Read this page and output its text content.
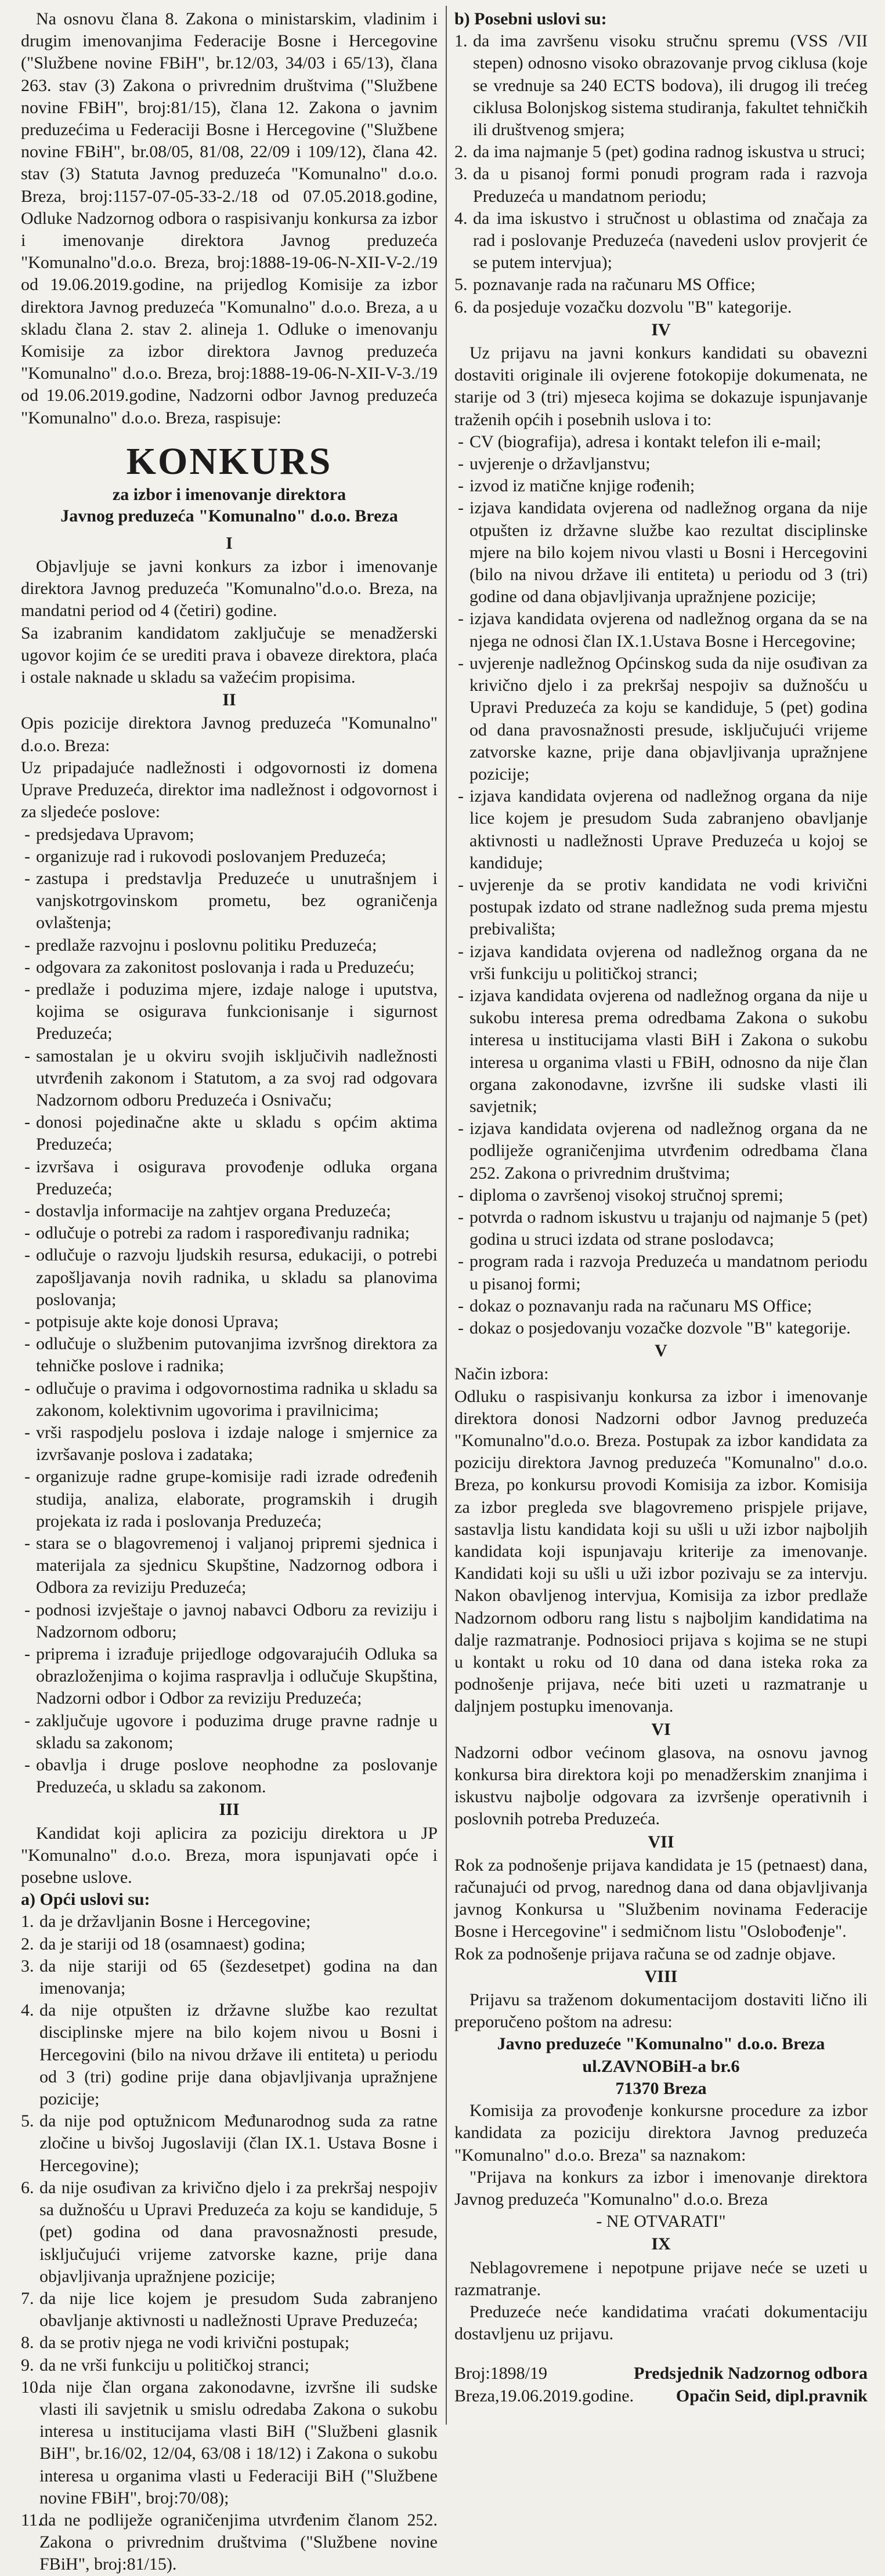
Na osnovu člana 8. Zakona o ministarskim, vladinim i drugim imenovanjima Federacije Bosne i Hercegovine ("Službene novine FBiH", br.12/03, 34/03 i 65/13), člana 263. stav (3) Zakona o privrednim društvima ("Službene novine FBiH", broj:81/15), člana 12. Zakona o javnim preduzećima u Federaciji Bosne i Hercegovine ("Službene novine FBiH", br.08/05, 81/08, 22/09 i 109/12), člana 42. stav (3) Statuta Javnog preduzeća "Komunalno" d.o.o. Breza, broj:1157-07-05-33-2./18 od 07.05.2018.godine, Odluke Nadzornog odbora o raspisivanju konkursa za izbor i imenovanje direktora Javnog preduzeća "Komunalno"d.o.o. Breza, broj:1888-19-06-N-XII-V-2./19 od 19.06.2019.godine, na prijedlog Komisije za izbor direktora Javnog preduzeća "Komunalno" d.o.o. Breza, a u skladu člana 2. stav 2. alineja 1. Odluke o imenovanju Komisije za izbor direktora Javnog preduzeća "Komunalno" d.o.o. Breza, broj:1888-19-06-N-XII-V-3./19 od 19.06.2019.godine, Nadzorni odbor Javnog preduzeća "Komunalno" d.o.o. Breza, raspisuje:

KONKURS
za izbor i imenovanje direktora
Javnog preduzeća "Komunalno" d.o.o. Breza
I

Objavljuje se javni konkurs za izbor i imenovanje direktora Javnog preduzeća "Komunalno"d.o.o. Breza, na mandatni period od 4 (četiri) godine.

Sa izabranim kandidatom zaključuje se menadžerski ugovor kojim će se urediti prava i obaveze direktora, plaća i ostale naknade u skladu sa važećim propisima.

II

Opis pozicije direktora Javnog preduzeća "Komunalno" d.o.o. Breza:

Uz pripadajuće nadležnosti i odgovornosti iz domena Uprave Preduzeća, direktor ima nadležnost i odgovornost i za sljedeće poslove:

- predsjedava Upravom;
- organizuje rad i rukovodi poslovanjem Preduzeća;
- zastupa i predstavlja Preduzeće u unutrašnjem i vanjskotrgovinskom prometu, bez ograničenja ovlaštenja;
- predlaže razvojnu i poslovnu politiku Preduzeća;
- odgovara za zakonitost poslovanja i rada u Preduzeću;
- predlaže i poduzima mjere, izdaje naloge i uputstva, kojima se osigurava funkcionisanje i sigurnost Preduzeća;
- samostalan je u okviru svojih isključivih nadležnosti utvrđenih zakonom i Statutom, a za svoj rad odgovara Nadzornom odboru Preduzeća i Osnivaču;
- donosi pojedinačne akte u skladu s općim aktima Preduzeća;
- izvršava i osigurava provođenje odluka organa Preduzeća;
- dostavlja informacije na zahtjev organa Preduzeća;
- odlučuje o potrebi za radom i raspoređivanju radnika;
- odlučuje o razvoju ljudskih resursa, edukaciji, o potrebi zapošljavanja novih radnika, u skladu sa planovima poslovanja;
- potpisuje akte koje donosi Uprava;
- odlučuje o službenim putovanjima izvršnog direktora za tehničke poslove i radnika;
- odlučuje o pravima i odgovornostima radnika u skladu sa zakonom, kolektivnim ugovorima i pravilnicima;
- vrši raspodjelu poslova i izdaje naloge i smjernice za izvršavanje poslova i zadataka;
- organizuje radne grupe-komisije radi izrade određenih studija, analiza, elaborate, programskih i drugih projekata iz rada i poslovanja Preduzeća;
- stara se o blagovremenoj i valjanoj pripremi sjednica i materijala za sjednicu Skupštine, Nadzornog odbora i Odbora za reviziju Preduzeća;
- podnosi izvještaje o javnoj nabavci Odboru za reviziju i Nadzornom odboru;
- priprema i izrađuje prijedloge odgovarajućih Odluka sa obrazloženjima o kojima raspravlja i odlučuje Skupština, Nadzorni odbor i Odbor za reviziju Preduzeća;
- zaključuje ugovore i poduzima druge pravne radnje u skladu sa zakonom;
- obavlja i druge poslove neophodne za poslovanje Preduzeća, u skladu sa zakonom.
III

Kandidat koji aplicira za poziciju direktora u JP "Komunalno" d.o.o. Breza, mora ispunjavati opće i posebne uslove.

a) Opći uslovi su:

1. da je državljanin Bosne i Hercegovine;
2. da je stariji od 18 (osamnaest) godina;
3. da nije stariji od 65 (šezdesetpet) godina na dan imenovanja;
4. da nije otpušten iz državne službe kao rezultat disciplinske mjere na bilo kojem nivou u Bosni i Hercegovini (bilo na nivou države ili entiteta) u periodu od 3 (tri) godine prije dana objavljivanja upražnjene pozicije;
5. da nije pod optužnicom Međunarodnog suda za ratne zločine u bivšoj Jugoslaviji (član IX.1. Ustava Bosne i Hercegovine);
6. da nije osuđivan za krivično djelo i za prekršaj nespojiv sa dužnošću u Upravi Preduzeća za koju se kandiduje, 5 (pet) godina od dana pravosnažnosti presude, isključujući vrijeme zatvorske kazne, prije dana objavljivanja upražnjene pozicije;
7. da nije lice kojem je presudom Suda zabranjeno obavljanje aktivnosti u nadležnosti Uprave Preduzeća;
8. da se protiv njega ne vodi krivični postupak;
9. da ne vrši funkciju u političkoj stranci;
10.
da nije član organa zakonodavne, izvršne ili sudske vlasti ili savjetnik u smislu odredaba Zakona o sukobu interesa u institucijama vlasti BiH ("Službeni glasnik BiH", br.16/02, 12/04, 63/08 i 18/12) i Zakona o sukobu interesa u organima vlasti u Federaciji BiH ("Službene novine FBiH", broj:70/08);
11.
da ne podliježe ograničenjima utvrđenim članom 252. Zakona o privrednim društvima ("Službene novine FBiH", broj:81/15).

b) Posebni uslovi su:

1. da ima završenu visoku stručnu spremu (VSS /VII stepen) odnosno visoko obrazovanje prvog ciklusa (koje se vrednuje sa 240 ECTS bodova), ili drugog ili trećeg ciklusa Bolonjskog sistema studiranja, fakultet tehničkih ili društvenog smjera;
2. da ima najmanje 5 (pet) godina radnog iskustva u struci;
3. da u pisanoj formi ponudi program rada i razvoja Preduzeća u mandatnom periodu;
4. da ima iskustvo i stručnost u oblastima od značaja za rad i poslovanje Preduzeća (navedeni uslov provjerit će se putem intervjua);
5. poznavanje rada na računaru MS Office;
6. da posjeduje vozačku dozvolu "B" kategorije.
IV

Uz prijavu na javni konkurs kandidati su obavezni dostaviti originale ili ovjerene fotokopije dokumenata, ne starije od 3 (tri) mjeseca kojima se dokazuje ispunjavanje traženih općih i posebnih uslova i to:

- CV (biografija), adresa i kontakt telefon ili e-mail;
- uvjerenje o državljanstvu;
- izvod iz matične knjige rođenih;
- izjava kandidata ovjerena od nadležnog organa da nije otpušten iz državne službe kao rezultat disciplinske mjere na bilo kojem nivou vlasti u Bosni i Hercegovini (bilo na nivou države ili entiteta) u periodu od 3 (tri) godine od dana objavljivanja upražnjene pozicije;
- izjava kandidata ovjerena od nadležnog organa da se na njega ne odnosi član IX.1.Ustava Bosne i Hercegovine;
- uvjerenje nadležnog Općinskog suda da nije osuđivan za krivično djelo i za prekršaj nespojiv sa dužnošću u Upravi Preduzeća za koju se kandiduje, 5 (pet) godina od dana pravosnažnosti presude, isključujući vrijeme zatvorske kazne, prije dana objavljivanja upražnjene pozicije;
- izjava kandidata ovjerena od nadležnog organa da nije lice kojem je presudom Suda zabranjeno obavljanje aktivnosti u nadležnosti Uprave Preduzeća u kojoj se kandiduje;
- uvjerenje da se protiv kandidata ne vodi krivični postupak izdato od strane nadležnog suda prema mjestu prebivališta;
- izjava kandidata ovjerena od nadležnog organa da ne vrši funkciju u političkoj stranci;
- izjava kandidata ovjerena od nadležnog organa da nije u sukobu interesa prema odredbama Zakona o sukobu interesa u institucijama vlasti BiH i Zakona o sukobu interesa u organima vlasti u FBiH, odnosno da nije član organa zakonodavne, izvršne ili sudske vlasti ili savjetnik;
- izjava kandidata ovjerena od nadležnog organa da ne podliježe ograničenjima utvrđenim odredbama člana 252. Zakona o privrednim društvima;
- diploma o završenoj visokoj stručnoj spremi;
- potvrda o radnom iskustvu u trajanju od najmanje 5 (pet) godina u struci izdata od strane poslodavca;
- program rada i razvoja Preduzeća u mandatnom periodu u pisanoj formi;
- dokaz o poznavanju rada na računaru MS Office;
- dokaz o posjedovanju vozačke dozvole "B" kategorije.
V

Način izbora:

Odluku o raspisivanju konkursa za izbor i imenovanje direktora donosi Nadzorni odbor Javnog preduzeća "Komunalno"d.o.o. Breza. Postupak za izbor kandidata za poziciju direktora Javnog preduzeća "Komunalno" d.o.o. Breza, po konkursu provodi Komisija za izbor. Komisija za izbor pregleda sve blagovremeno prispjele prijave, sastavlja listu kandidata koji su ušli u uži izbor najboljih kandidata koji ispunjavaju kriterije za imenovanje. Kandidati koji su ušli u uži izbor pozivaju se za intervju. Nakon obavljenog intervjua, Komisija za izbor predlaže Nadzornom odboru rang listu s najboljim kandidatima na dalje razmatranje. Podnosioci prijava s kojima se ne stupi u kontakt u roku od 10 dana od dana isteka roka za podnošenje prijava, neće biti uzeti u razmatranje u daljnjem postupku imenovanja.

VI

Nadzorni odbor većinom glasova, na osnovu javnog konkursa bira direktora koji po menadžerskim znanjima i iskustvu najbolje odgovara za izvršenje operativnih i poslovnih potreba Preduzeća.

VII

Rok za podnošenje prijava kandidata je 15 (petnaest) dana, računajući od prvog, narednog dana od dana objavljivanja javnog Konkursa u "Službenim novinama Federacije Bosne i Hercegovine" i sedmičnom listu "Oslobođenje".

Rok za podnošenje prijava računa se od zadnje objave.

VIII

Prijavu sa traženom dokumentacijom dostaviti lično ili preporučeno poštom na adresu:

Javno preduzeće "Komunalno" d.o.o. Breza

ul.ZAVNOBiH-a br.6

71370 Breza

Komisija za provođenje konkursne procedure za izbor kandidata za poziciju direktora Javnog preduzeća "Komunalno" d.o.o. Breza" sa naznakom:

"Prijava na konkurs za izbor i imenovanje direktora Javnog preduzeća "Komunalno" d.o.o. Breza

- NE OTVARATI"

IX

Neblagovremene i nepotpune prijave neće se uzeti u razmatranje.

Preduzeće neće kandidatima vraćati dokumentaciju dostavljenu uz prijavu.

Broj:1898/19
Breza,19.06.2019.godine.
Predsjednik Nadzornog odbora
Opačin Seid, dipl.pravnik
